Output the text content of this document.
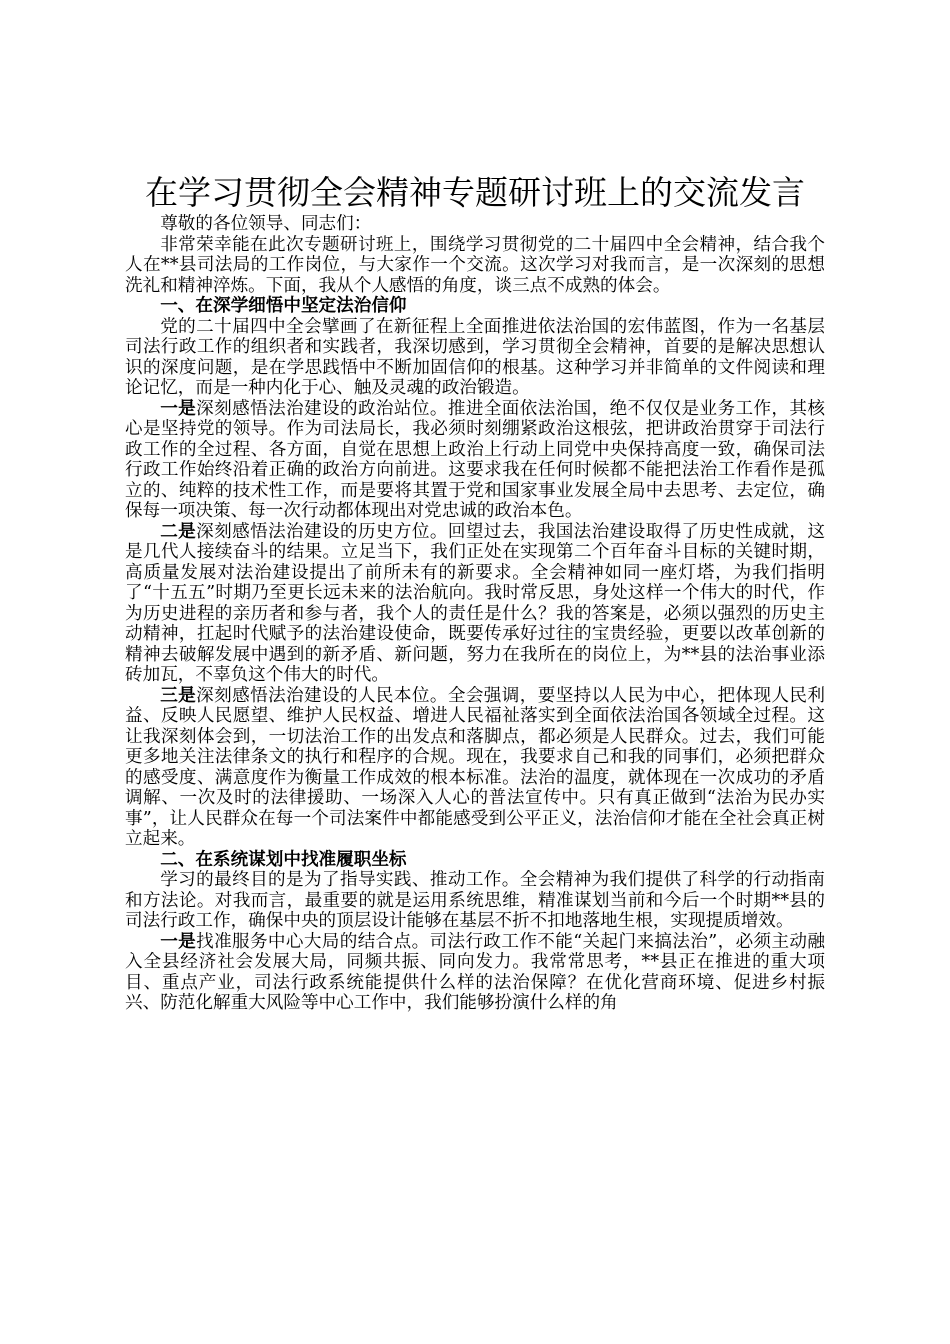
在学习贯彻全会精神专题研讨班上的交流发言

尊敬的各位领导、同志们：

非常荣幸能在此次专题研讨班上，围绕学习贯彻党的二十届四中全会精神，结合我个人在**县司法局的工作岗位，与大家作一个交流。这次学习对我而言，是一次深刻的思想洗礼和精神淬炼。下面，我从个人感悟的角度，谈三点不成熟的体会。

一、在深学细悟中坚定法治信仰

党的二十届四中全会擘画了在新征程上全面推进依法治国的宏伟蓝图，作为一名基层司法行政工作的组织者和实践者，我深切感到，学习贯彻全会精神，首要的是解决思想认识的深度问题，是在学思践悟中不断加固信仰的根基。这种学习并非简单的文件阅读和理论记忆，而是一种内化于心、触及灵魂的政治锻造。

一是深刻感悟法治建设的政治站位。推进全面依法治国，绝不仅仅是业务工作，其核心是坚持党的领导。作为司法局长，我必须时刻绷紧政治这根弦，把讲政治贯穿于司法行政工作的全过程、各方面，自觉在思想上政治上行动上同党中央保持高度一致，确保司法行政工作始终沿着正确的政治方向前进。这要求我在任何时候都不能把法治工作看作是孤立的、纯粹的技术性工作，而是要将其置于党和国家事业发展全局中去思考、去定位，确保每一项决策、每一次行动都体现出对党忠诚的政治本色。

二是深刻感悟法治建设的历史方位。回望过去，我国法治建设取得了历史性成就，这是几代人接续奋斗的结果。立足当下，我们正处在实现第二个百年奋斗目标的关键时期，高质量发展对法治建设提出了前所未有的新要求。全会精神如同一座灯塔，为我们指明了“十五五”时期乃至更长远未来的法治航向。我时常反思，身处这样一个伟大的时代，作为历史进程的亲历者和参与者，我个人的责任是什么？我的答案是，必须以强烈的历史主动精神，扛起时代赋予的法治建设使命，既要传承好过往的宝贵经验，更要以改革创新的精神去破解发展中遇到的新矛盾、新问题，努力在我所在的岗位上，为**县的法治事业添砖加瓦，不辜负这个伟大的时代。

三是深刻感悟法治建设的人民本位。全会强调，要坚持以人民为中心，把体现人民利益、反映人民愿望、维护人民权益、增进人民福祉落实到全面依法治国各领域全过程。这让我深刻体会到，一切法治工作的出发点和落脚点，都必须是人民群众。过去，我们可能更多地关注法律条文的执行和程序的合规。现在，我要求自己和我的同事们，必须把群众的感受度、满意度作为衡量工作成效的根本标准。法治的温度，就体现在一次成功的矛盾调解、一次及时的法律援助、一场深入人心的普法宣传中。只有真正做到“法治为民办实事”，让人民群众在每一个司法案件中都能感受到公平正义，法治信仰才能在全社会真正树立起来。

二、在系统谋划中找准履职坐标

学习的最终目的是为了指导实践、推动工作。全会精神为我们提供了科学的行动指南和方法论。对我而言，最重要的就是运用系统思维，精准谋划当前和今后一个时期**县的司法行政工作，确保中央的顶层设计能够在基层不折不扣地落地生根，实现提质增效。

一是找准服务中心大局的结合点。司法行政工作不能“关起门来搞法治”，必须主动融入全县经济社会发展大局，同频共振、同向发力。我常常思考，**县正在推进的重大项目、重点产业，司法行政系统能提供什么样的法治保障？在优化营商环境、促进乡村振兴、防范化解重大风险等中心工作中，我们能够扮演什么样的角
